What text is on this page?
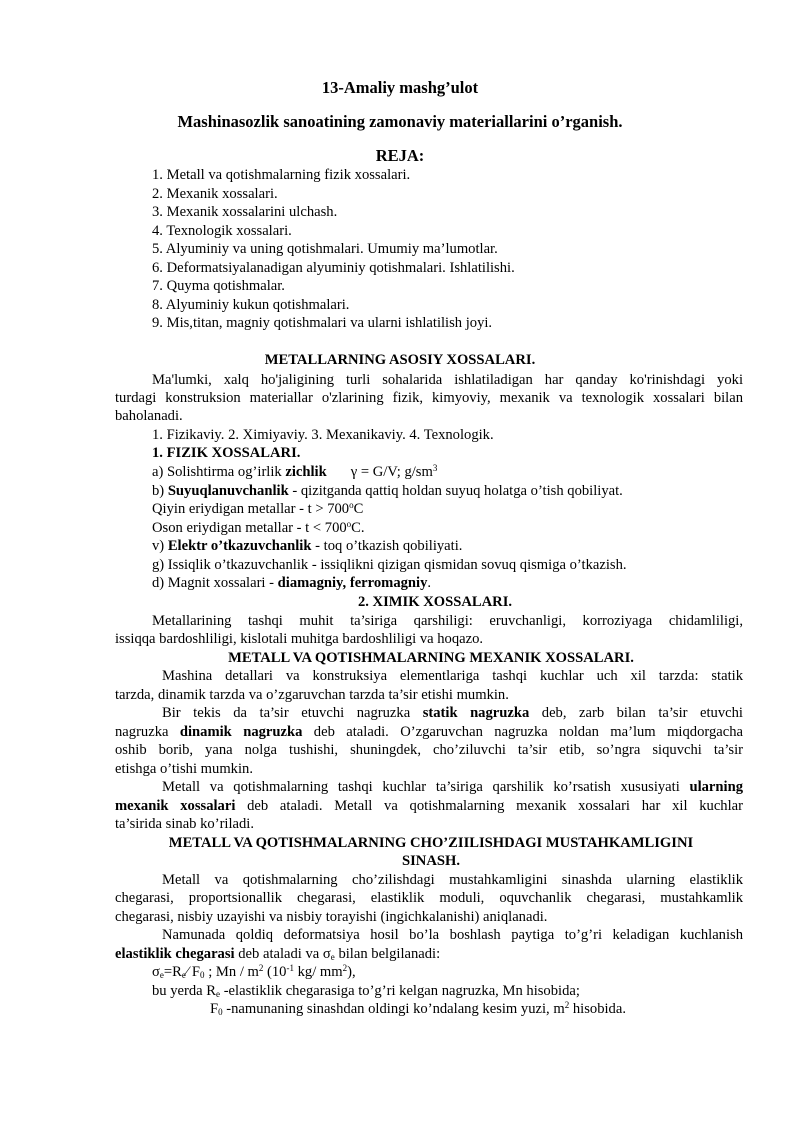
13-Amaliy mashg’ulot
Mashinasozlik sanoatining zamonaviy materiallarini o’rganish.
REJA:
1. Metall va qotishmalarning fizik xossalari.
2. Mexanik xossalari.
3. Mexanik xossalarini ulchash.
4. Texnologik xossalari.
5. Alyuminiy va uning qotishmalari. Umumiy ma’lumotlar.
6. Deformatsiyalanadigan alyuminiy qotishmalari. Ishlatilishi.
7. Quyma qotishmalar.
8. Alyuminiy kukun qotishmalari.
9. Mis,titan, magniy qotishmalari va ularni ishlatilish joyi.
METALLARNING ASOSIY XOSSALARI.
Ma'lumki, xalq ho'jaligining turli sohalarida ishlatiladigan har qanday ko'rinishdagi yoki
turdagi konstruksion materiallar o'zlarining fizik, kimyoviy, mexanik va texnologik xossalari bilan
baholanadi.
1. Fizikaviy. 2. Ximiyaviy. 3. Mexanikaviy. 4. Texnologik.
1. FIZIK XOSSALARI.
a) Solishtirma og’irlik zichlik γ = G/V; $g/sm^3$
b) Suyuqlanuvchanlik - qizitganda qattiq holdan suyuq holatga o’tish qobiliyat.
Qiyin eriydigan metallar - $t > 700^oC$
Oson eriydigan metallar - $t < 700^oC$.
v) Elektr o’tkazuvchanlik - toq o’tkazish qobiliyati.
g) Issiqlik o’tkazuvchanlik - issiqlikni qizigan qismidan sovuq qismiga o’tkazish.
d) Magnit xossalari - diamagniy, ferromagniy.
2. XIMIK XOSSALARI.
Metallarining tashqi muhit ta’siriga qarshiligi: eruvchanligi, korroziyaga chidamliligi,
issiqqa bardoshliligi, kislotali muhitga bardoshliligi va hoqazo.
METALL VA QOTISHMALARNING MEXANIK XOSSALARI.
Mashina detallari va konstruksiya elementlariga tashqi kuchlar uch xil tarzda: statik
tarzda, dinamik tarzda va o’zgaruvchan tarzda ta’sir etishi mumkin.
Bir tekis da ta’sir etuvchi nagruzka statik nagruzka deb, zarb bilan ta’sir etuvchi
nagruzka dinamik nagruzka deb ataladi. O’zgaruvchan nagruzka noldan ma’lum miqdorgacha
oshib borib, yana nolga tushishi, shuningdek, cho’ziluvchi ta’sir etib, so’ngra siquvchi ta’sir
etishga o’tishi mumkin.
Metall va qotishmalarning tashqi kuchlar ta’siriga qarshilik ko’rsatish xususiyati ularning
mexanik xossalari deb ataladi. Metall va qotishmalarning mexanik xossalari har xil kuchlar
ta’sirida sinab ko’riladi.
METALL VA QOTISHMALARNING CHO’ZIILISHDAGI MUSTAHKAMLIGINI
SINASH.
Metall va qotishmalarning cho’zilishdagi mustahkamligini sinashda ularning elastiklik
chegarasi, proportsionallik chegarasi, elastiklik moduli, oquvchanlik chegarasi, mustahkamlik
chegarasi, nisbiy uzayishi va nisbiy torayishi (ingichkalanishi) aniqlanadi.
Namunada qoldiq deformatsiya hosil bo’la boshlash paytiga to’g’ri keladigan kuchlanish
elastiklik chegarasi deb ataladi va $\sigma_e$ bilan belgilanadi:
$\sigma_e=R_e⁄$ $F_0$ ; Mn / $m^2$ ($10^{-1}$ kg/ $mm^2$),
bu yerda $R_e$ -elastiklik chegarasiga to’g’ri kelgan nagruzka, Mn hisobida;
$F_0$ -namunaning sinashdan oldingi ko’ndalang kesim yuzi, $m^2$ hisobida.
